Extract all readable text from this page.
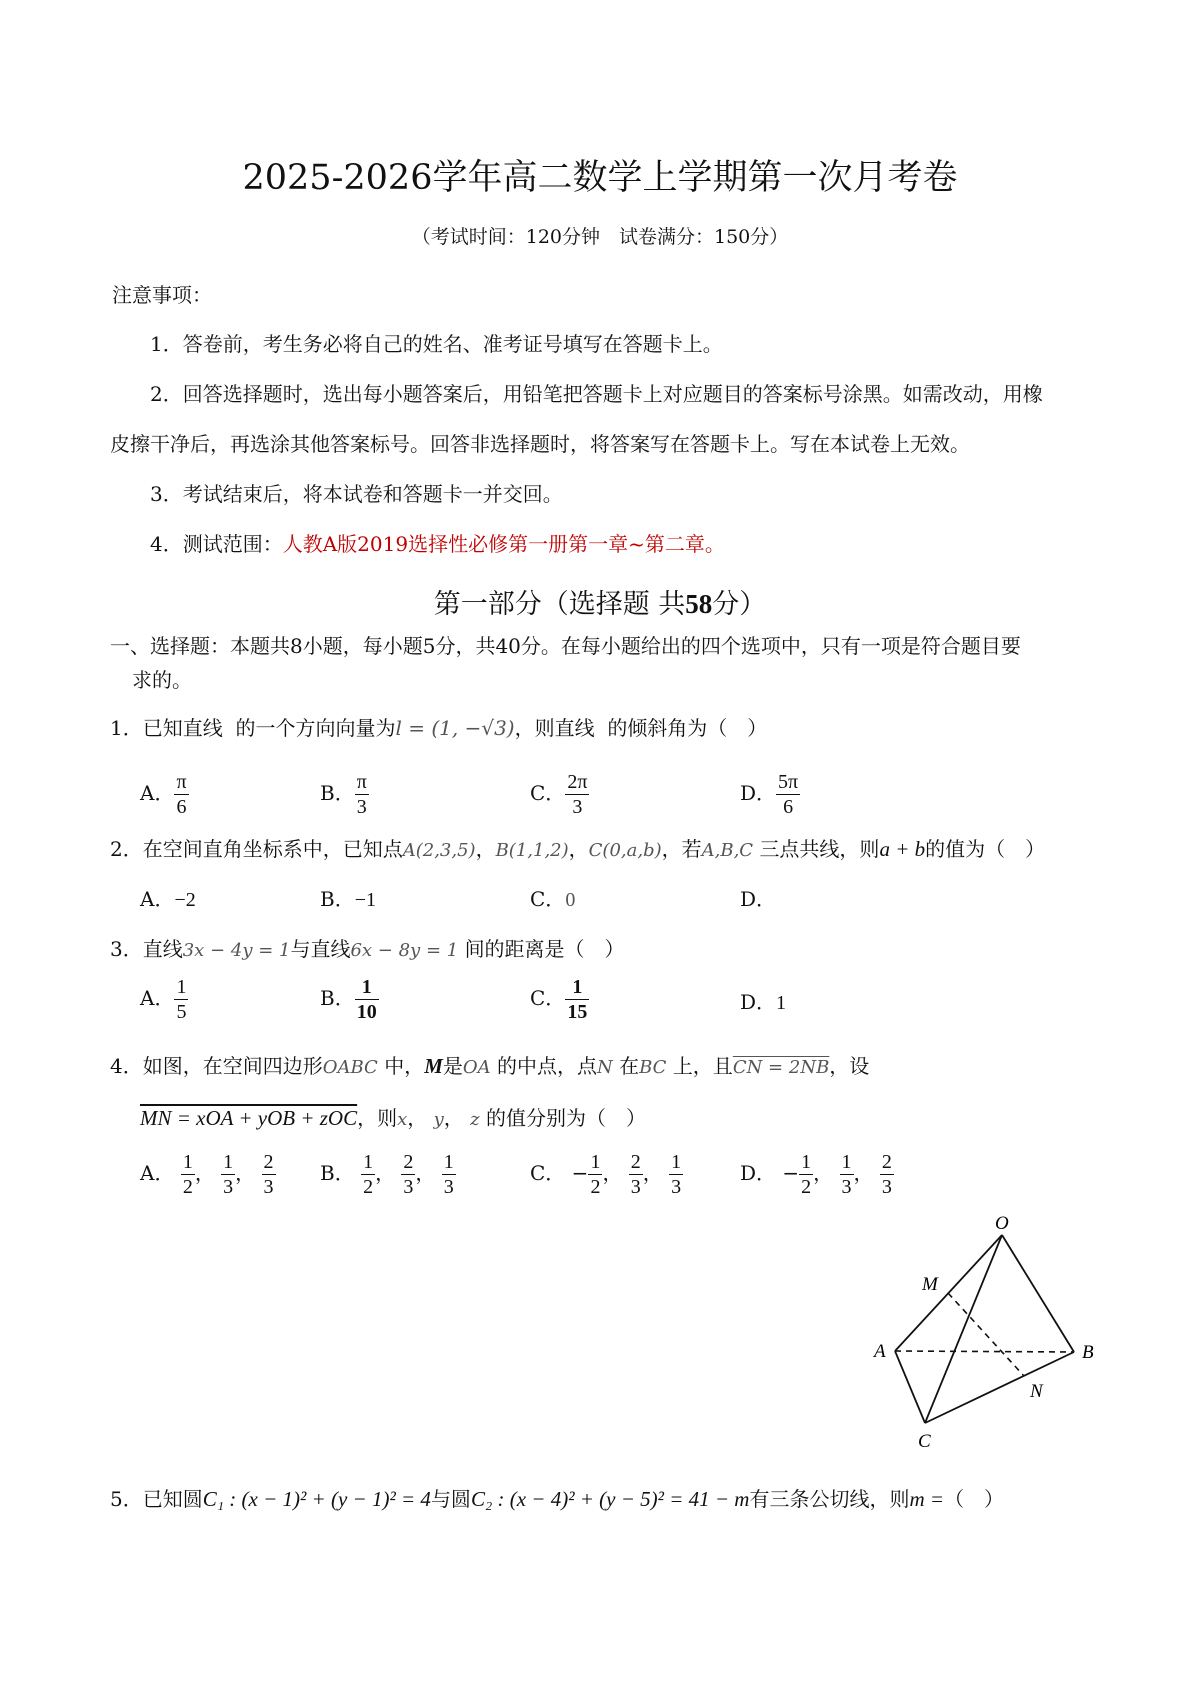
2025-2026学年高二数学上学期第一次月考卷
（考试时间：120分钟　试卷满分：150分）
注意事项：
1．答卷前，考生务必将自己的姓名、准考证号填写在答题卡上。
2．回答选择题时，选出每小题答案后，用铅笔把答题卡上对应题目的答案标号涂黑。如需改动，用橡
皮擦干净后，再选涂其他答案标号。回答非选择题时，将答案写在答题卡上。写在本试卷上无效。
3．考试结束后，将本试卷和答题卡一并交回。
4．测试范围：人教A版2019选择性必修第一册第一章~第二章。
第一部分（选择题 共58分）
一、选择题：本题共8小题，每小题5分，共40分。在每小题给出的四个选项中，只有一项是符合题目要
求的。
1．已知直线 的一个方向向量为l = (1, −√3)，则直线 的倾斜角为（　）
A． $\frac{\pi}{6}$	B． $\frac{\pi}{3}$	C． $\frac{2\pi}{3}$	D． $\frac{5\pi}{6}$
2．在空间直角坐标系中，已知点A(2,3,5)，B(1,1,2)，C(0,a,b)，若A,B,C 三点共线，则a + b的值为（　）
A．−2	B．−1	C．0	D．
3．直线3x − 4y = 1与直线6x − 8y = 1 间的距离是（　）
A． $\frac{1}{5}$	B． $\frac{1}{10}$	C． $\frac{1}{15}$	D．1
4．如图，在空间四边形OABC 中，M是OA 的中点，点N 在BC 上，且CN = 2NB，设
MN = xOA + yOB + zOC，则x， y， z 的值分别为（　）
A． $\frac{1}{2}$ ， $\frac{1}{3}$ ， $\frac{2}{3}$ B． $\frac{1}{2}$ ， $\frac{2}{3}$ ， $\frac{1}{3}$	C． − $\frac{1}{2}$ ， $\frac{2}{3}$ ， $\frac{1}{3}$	D． − $\frac{1}{2}$ ， $\frac{1}{3}$ ， $\frac{2}{3}$
O
M
A	B
N
C
5．已知圆C₁ : (x − 1)² + (y − 1)² = 4与圆C₂ : (x − 4)² + (y − 5)² = 41 − m有三条公切线，则m =（　）
